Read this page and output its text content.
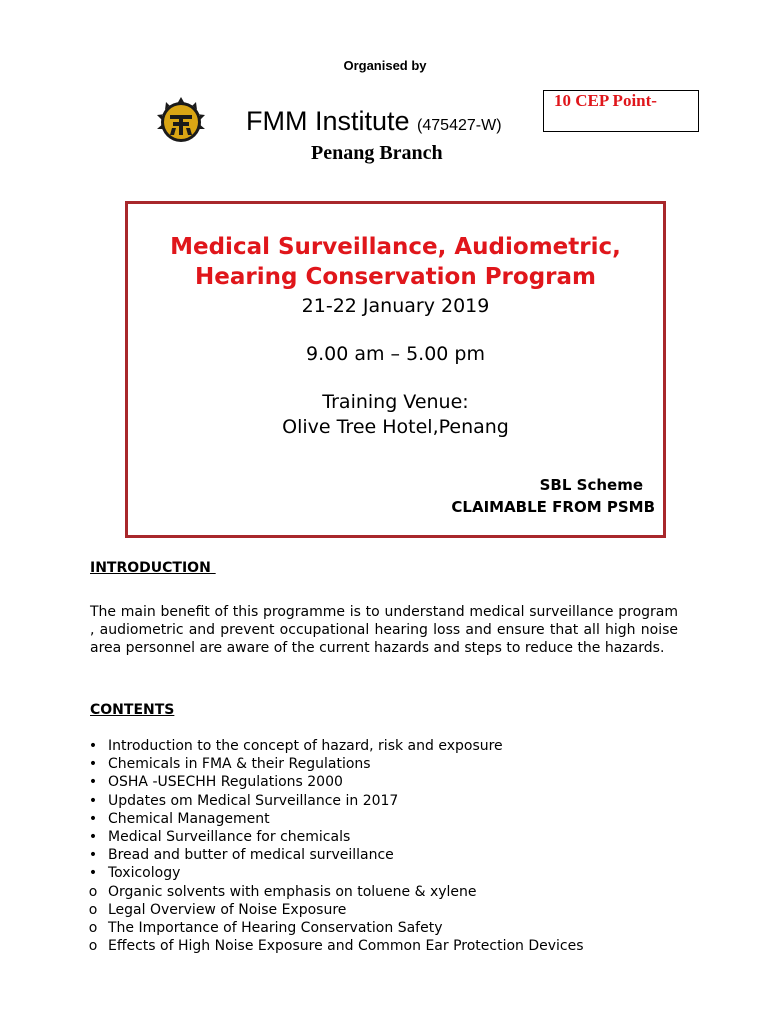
Organised by
FMM Institute (475427-W)
10 CEP Point-
Penang Branch
Medical Surveillance, Audiometric,
Hearing Conservation Program
21-22 January 2019
9.00 am – 5.00 pm
Training Venue:
Olive Tree Hotel,Penang
SBL Scheme
CLAIMABLE FROM PSMB
INTRODUCTION

The main benefit of this programme is to understand medical surveillance program , audiometric and prevent occupational hearing loss and ensure that all high noise area personnel are aware of the current hazards and steps to reduce the hazards.

CONTENTS
• Introduction to the concept of hazard, risk and exposure
• Chemicals in FMA & their Regulations
• OSHA -USECHH Regulations 2000
• Updates om Medical Surveillance in 2017
• Chemical Management
• Medical Surveillance for chemicals
• Bread and butter of medical surveillance
• Toxicology
o Organic solvents with emphasis on toluene & xylene
o Legal Overview of Noise Exposure
o The Importance of Hearing Conservation Safety
o Effects of High Noise Exposure and Common Ear Protection Devices
